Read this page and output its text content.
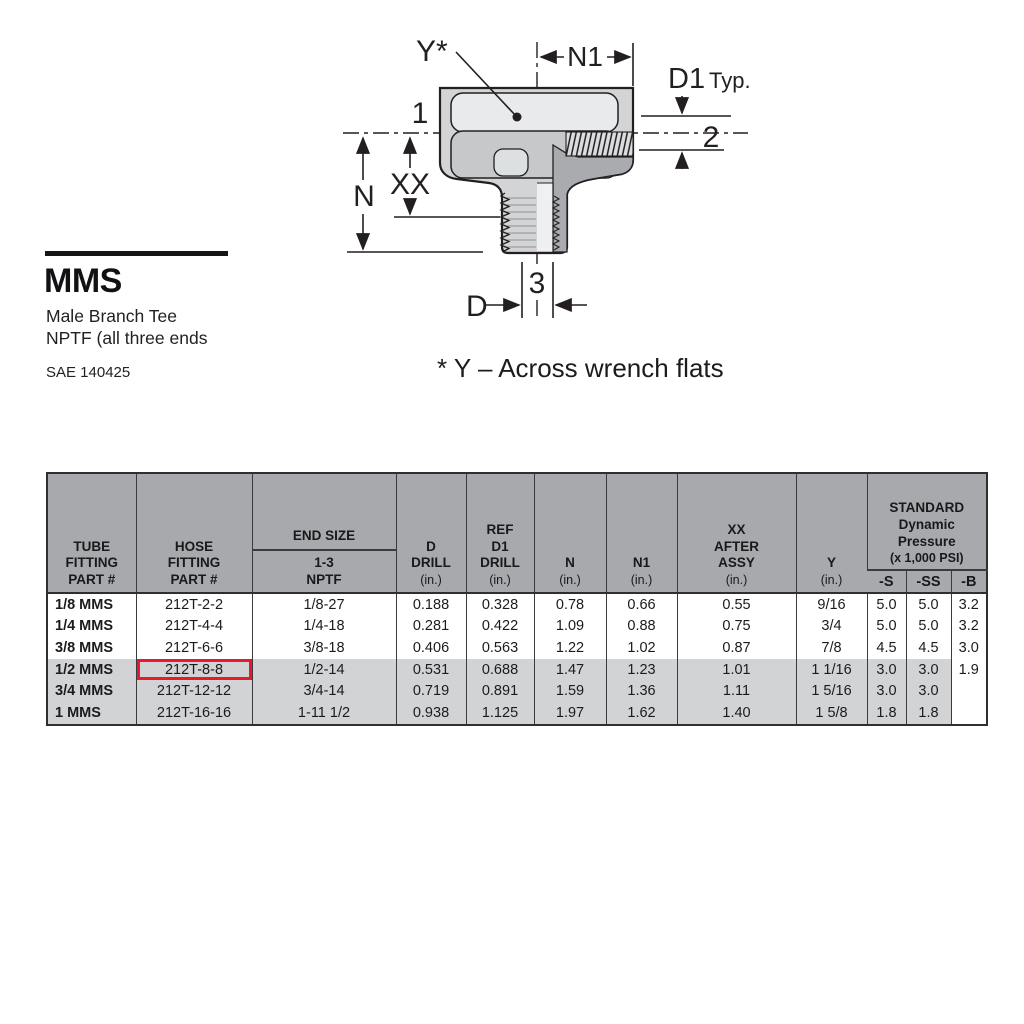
MMS
Male Branch Tee
NPTF (all three ends
SAE 140425
Y*	N1
D1 Typ.
1
2
3
N XX
D
* Y – Across wrench flats
TUBE
FITTING
PART #

HOSE
FITTING
PART #

END SIZE
1-3
NPTF

D
DRILL
(in.)

REF
D1
DRILL
(in.)

N
(in.)

N1
(in.)

XX
AFTER
ASSY
(in.)

Y
(in.)

STANDARD
Dynamic
Pressure
(x 1,000 PSI)

									-S	-SS	-B
1/8 MMS	212T-2-2	1/8-27	0.188	0.328	0.78	0.66	0.55	9/16	5.0	5.0	3.2
1/4 MMS	212T-4-4	1/4-18	0.281	0.422	1.09	0.88	0.75	3/4	5.0	5.0	3.2
3/8 MMS	212T-6-6	3/8-18	0.406	0.563	1.22	1.02	0.87	7/8	4.5	4.5	3.0
1/2 MMS	212T-8-8	1/2-14	0.531	0.688	1.47	1.23	1.01	1 1/16	3.0	3.0	1.9
3/4 MMS	212T-12-12	3/4-14	0.719	0.891	1.59	1.36	1.11	1 5/16	3.0	3.0	
1 MMS	212T-16-16	1-11 1/2	0.938	1.125	1.97	1.62	1.40	1 5/8	1.8	1.8	
